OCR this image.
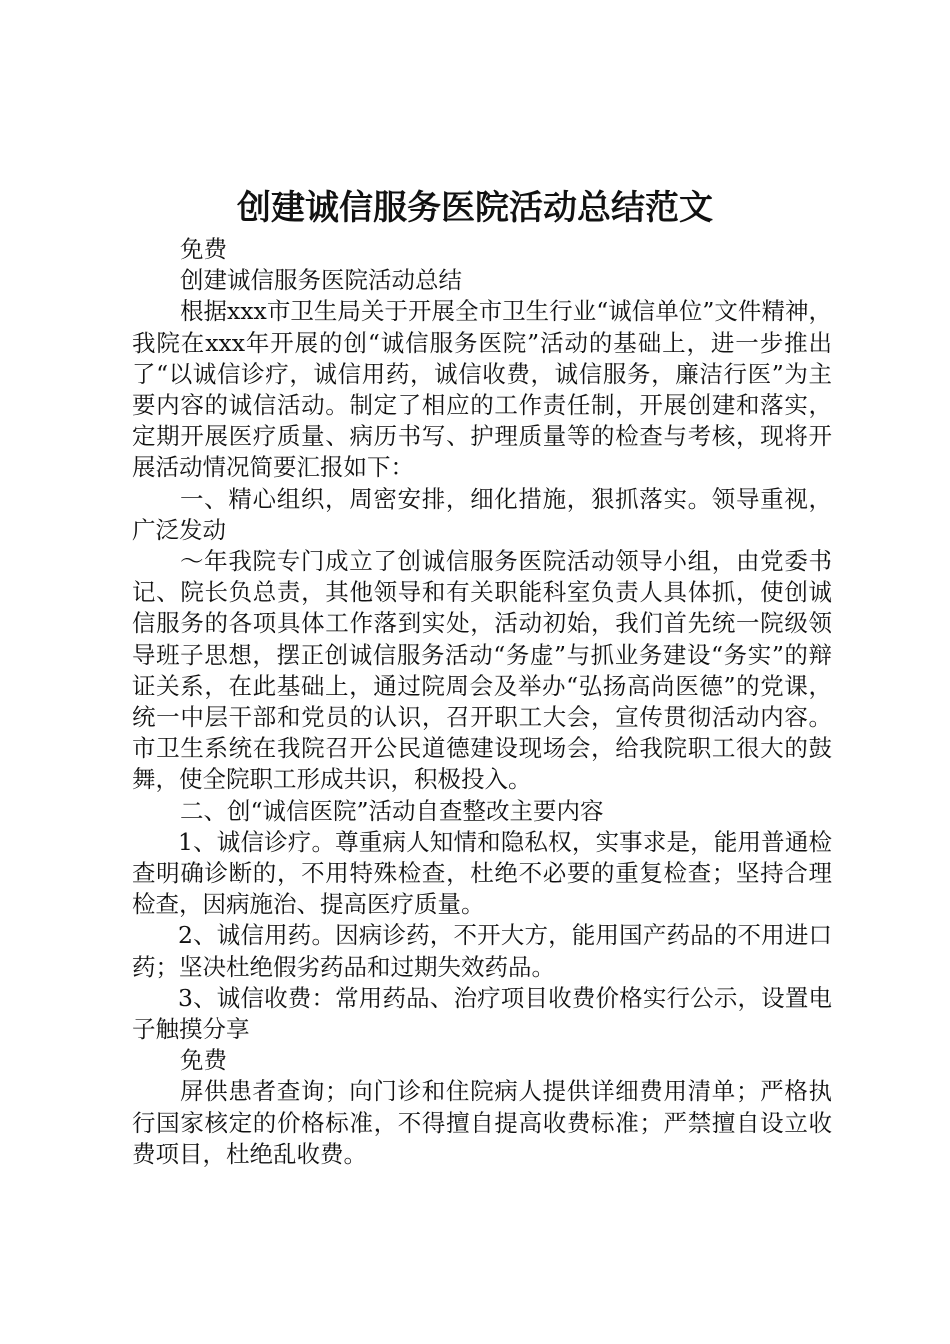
创建诚信服务医院活动总结范文

免费

创建诚信服务医院活动总结

根据xxx市卫生局关于开展全市卫生行业“诚信单位”文件精神，我院在xxx年开展的创“诚信服务医院”活动的基础上，进一步推出了“以诚信诊疗，诚信用药，诚信收费，诚信服务，廉洁行医”为主要内容的诚信活动。制定了相应的工作责任制，开展创建和落实，定期开展医疗质量、病历书写、护理质量等的检查与考核，现将开展活动情况简要汇报如下：

一、精心组织，周密安排，细化措施，狠抓落实。领导重视，广泛发动

～年我院专门成立了创诚信服务医院活动领导小组，由党委书记、院长负总责，其他领导和有关职能科室负责人具体抓，使创诚信服务的各项具体工作落到实处，活动初始，我们首先统一院级领导班子思想，摆正创诚信服务活动“务虚”与抓业务建设“务实”的辩证关系，在此基础上，通过院周会及举办“弘扬高尚医德”的党课，统一中层干部和党员的认识，召开职工大会，宣传贯彻活动内容。市卫生系统在我院召开公民道德建设现场会，给我院职工很大的鼓舞，使全院职工形成共识，积极投入。

二、创“诚信医院”活动自查整改主要内容

1、诚信诊疗。尊重病人知情和隐私权，实事求是，能用普通检查明确诊断的，不用特殊检查，杜绝不必要的重复检查；坚持合理检查，因病施治、提高医疗质量。

2、诚信用药。因病诊药，不开大方，能用国产药品的不用进口药；坚决杜绝假劣药品和过期失效药品。

3、诚信收费：常用药品、治疗项目收费价格实行公示，设置电子触摸分享

免费

屏供患者查询；向门诊和住院病人提供详细费用清单；严格执行国家核定的价格标准，不得擅自提高收费标准；严禁擅自设立收费项目，杜绝乱收费。
